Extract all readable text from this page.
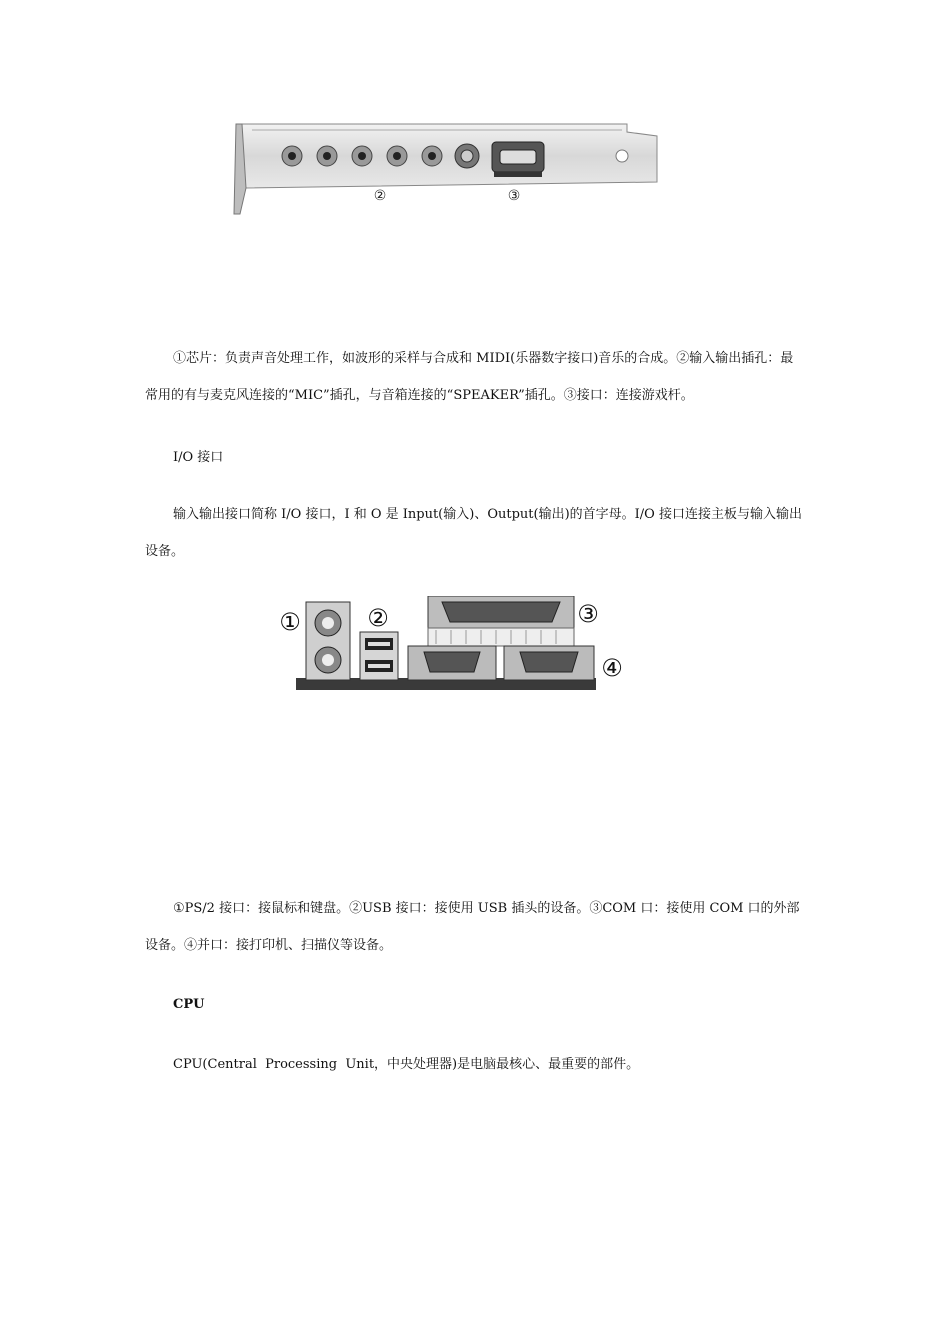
②	③

①芯片：负责声音处理工作，如波形的采样与合成和 MIDI(乐器数字接口)音乐的合成。②输入输出插孔：最常用的有与麦克风连接的“MIC”插孔，与音箱连接的“SPEAKER”插孔。③接口：连接游戏杆。

I/O 接口

输入输出接口简称 I/O 接口，I 和 O 是 Input(输入)、Output(输出)的首字母。I/O 接口连接主板与输入输出设备。

①	②	③
④

①PS/2 接口：接鼠标和键盘。②USB 接口：接使用 USB 插头的设备。③COM 口：接使用 COM 口的外部设备。④并口：接打印机、扫描仪等设备。

CPU

CPU(Central  Processing  Unit，中央处理器)是电脑最核心、最重要的部件。
